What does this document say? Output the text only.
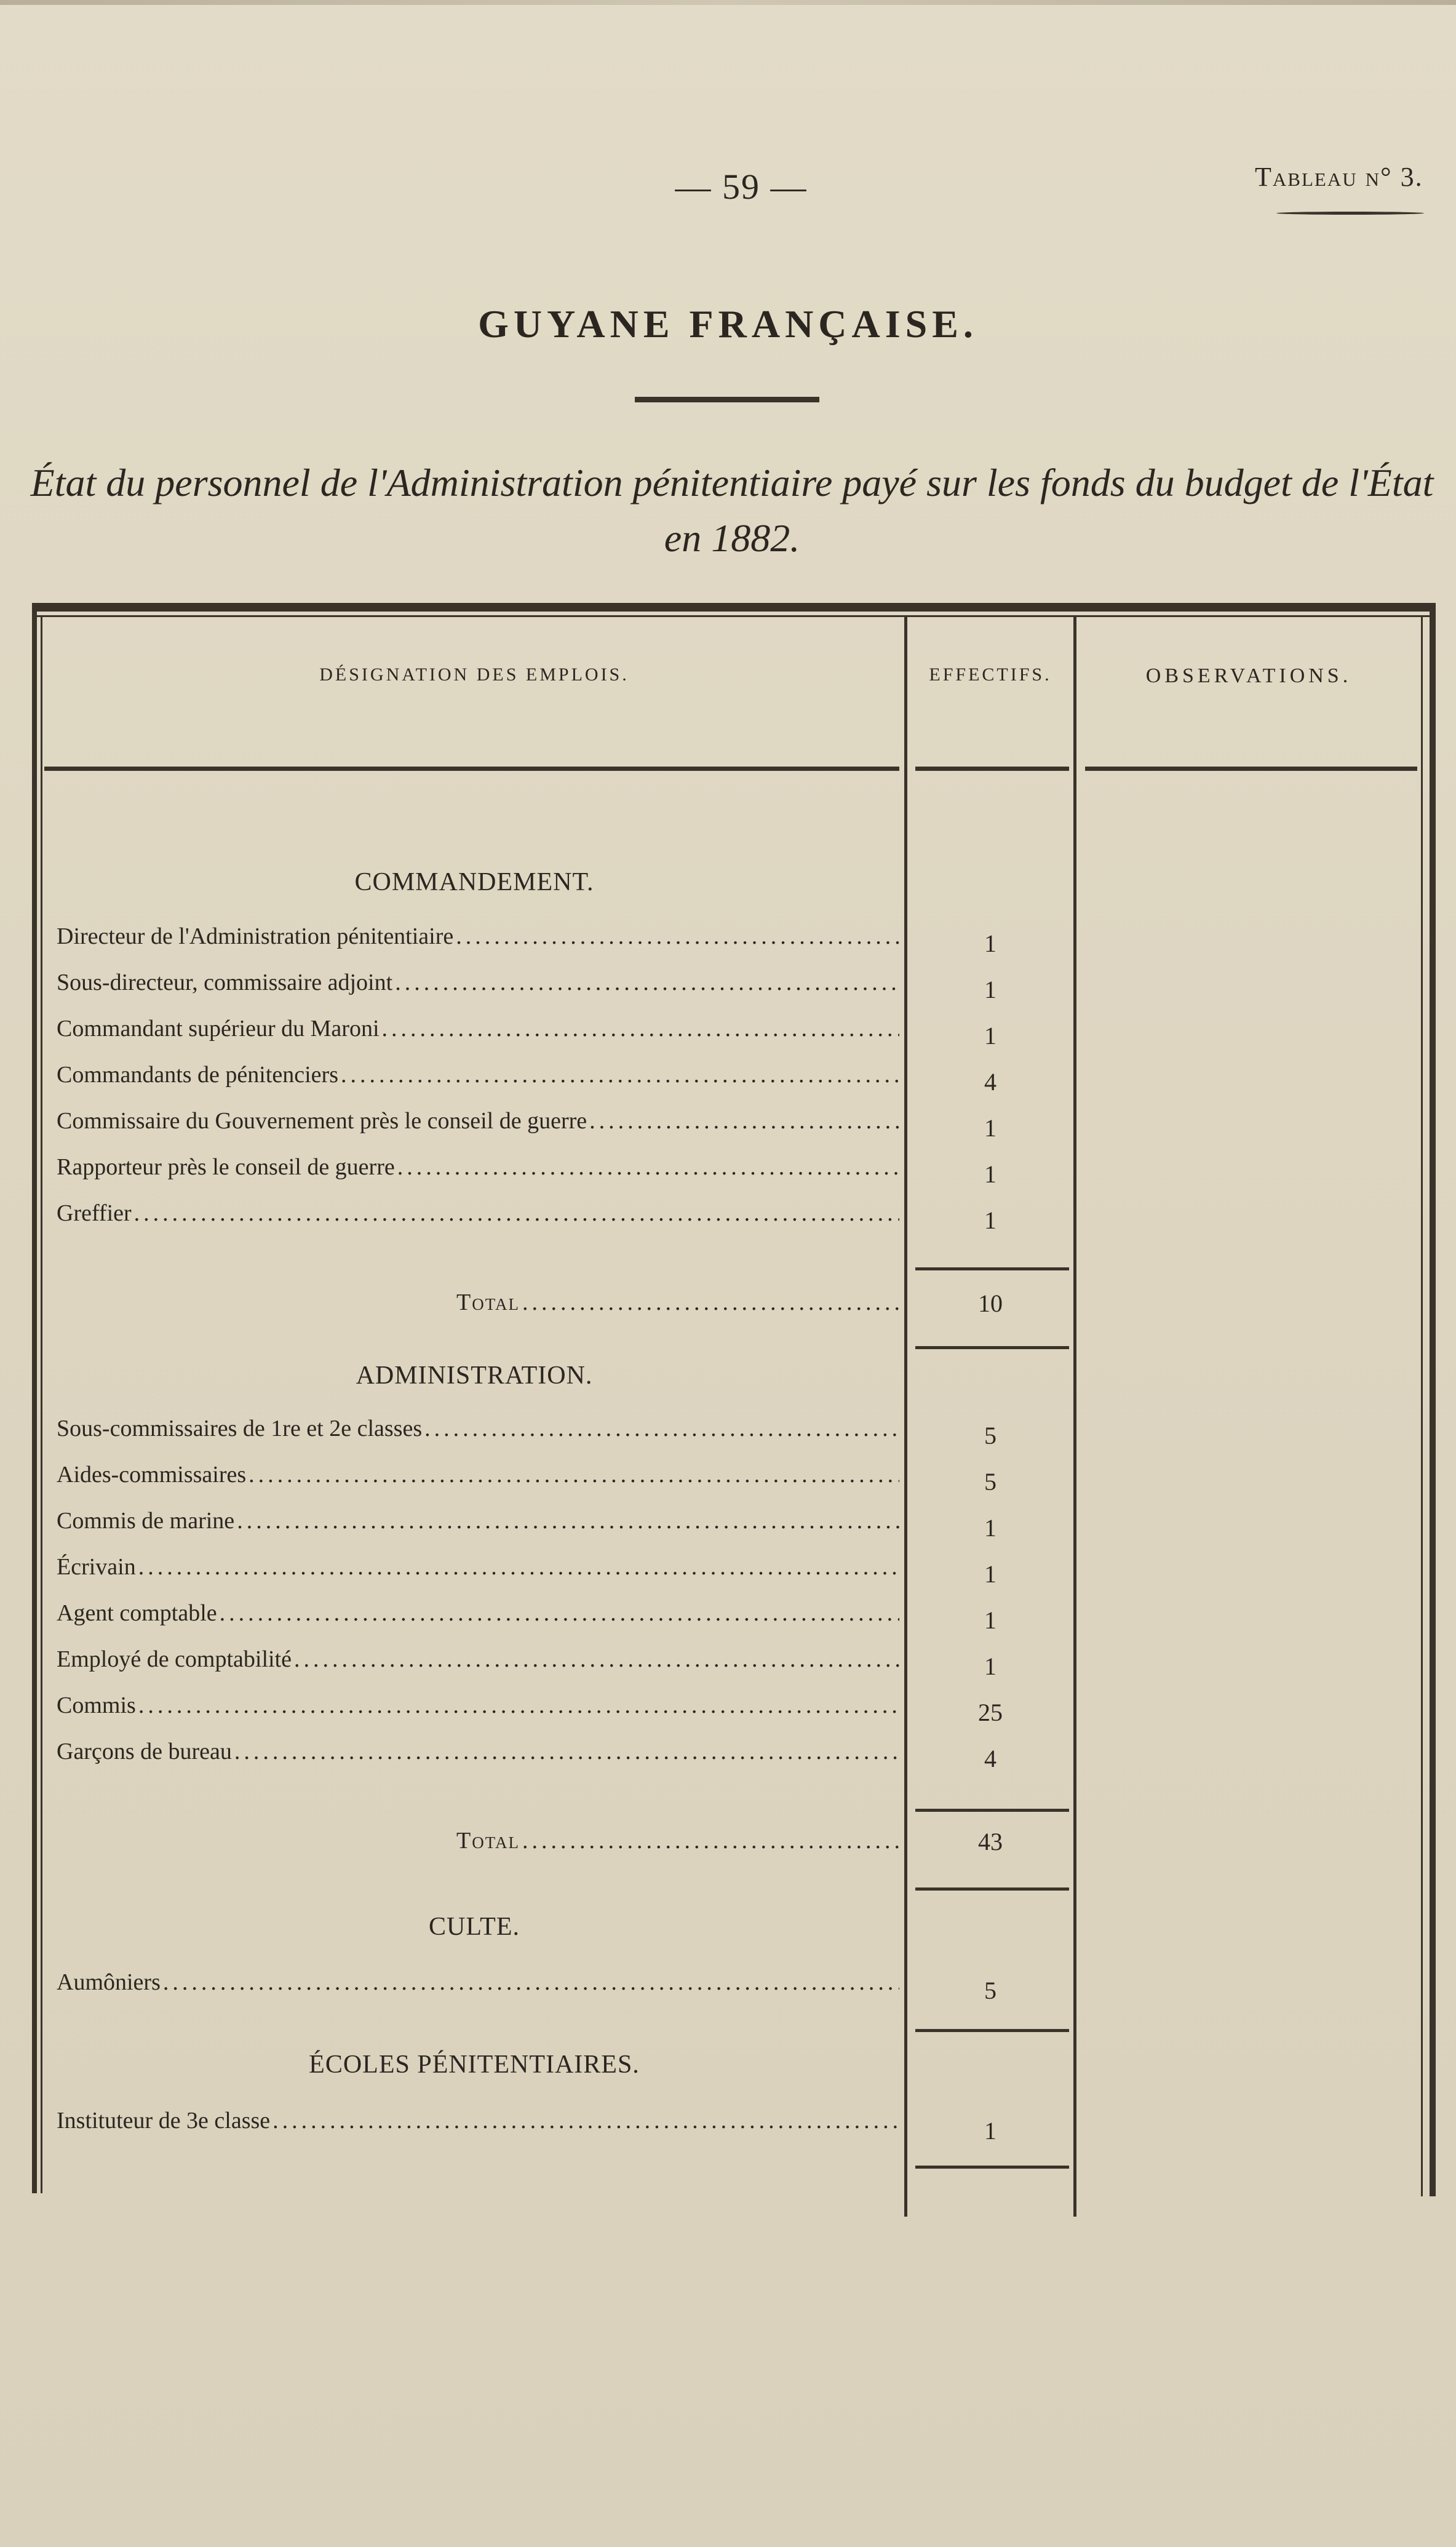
— 59 —	Tableau n° 3.
GUYANE FRANÇAISE.
État du personnel de l'Administration pénitentiaire payé sur les fonds du budget de l'État
en 1882.
DÉSIGNATION DES EMPLOIS.	EFFECTIFS.	OBSERVATIONS.
COMMANDEMENT.
Directeur de l'Administration pénitentiaire .....	1
Sous-directeur, commissaire adjoint .....	1
Commandant supérieur du Maroni .....	1
Commandants de pénitenciers .....	4
Commissaire du Gouvernement près le conseil de guerre .....	1
Rapporteur près le conseil de guerre .....	1
Greffier .....	1
Total .....	10
ADMINISTRATION.
Sous-commissaires de 1re et 2e classes .....	5
Aides-commissaires .....	5
Commis de marine .....	1
Écrivain .....	1
Agent comptable .....	1
Employé de comptabilité .....	1
Commis .....	25
Garçons de bureau .....	4
Total .....	43
CULTE.
Aumôniers .....	5
ÉCOLES PÉNITENTIAIRES.
Instituteur de 3e classe .....	1
